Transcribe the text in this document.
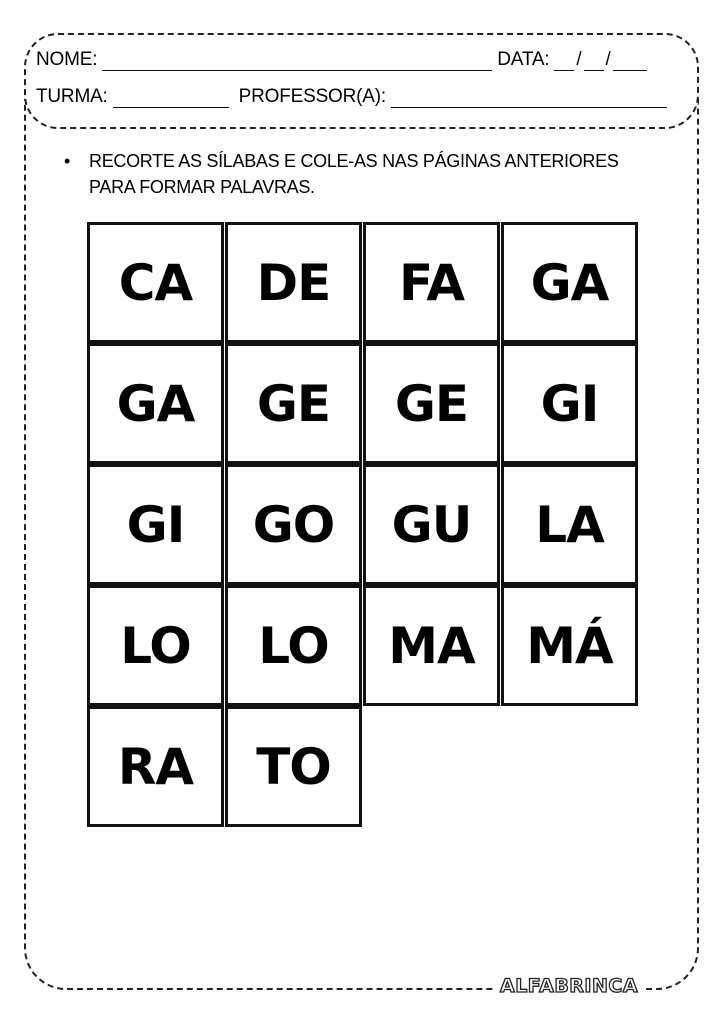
NOME:	DATA: / /
TURMA:	PROFESSOR(A):
• RECORTE AS SÍLABAS E COLE-AS NAS PÁGINAS ANTERIORES PARA FORMAR PALAVRAS.
CA	DE	FA	GA
GA	GE	GE	GI
GI	GO	GU	LA
LO	LO	MA	MÁ
RA	TO
ALFABRINCA
